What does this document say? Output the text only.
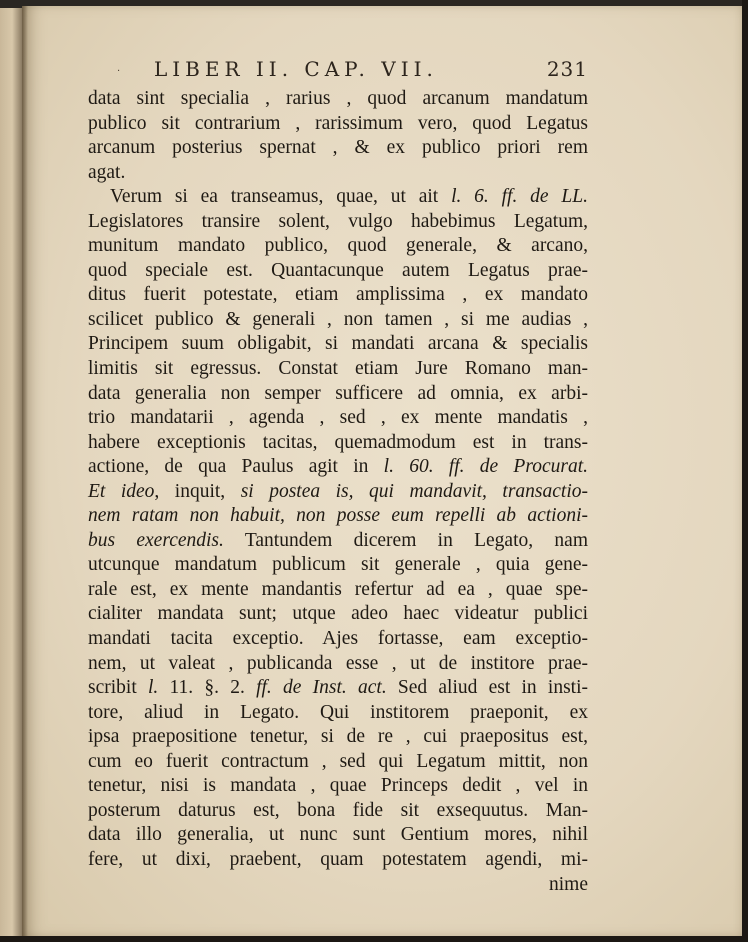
· LIBER II. CAP. VII.	231
data sint specialia , rarius , quod arcanum mandatum
publico sit contrarium , rarissimum vero, quod Legatus
arcanum posterius spernat , & ex publico priori rem
agat.
Verum si ea transeamus, quae, ut ait l. 6. ff. de LL.
Legislatores transire solent, vulgo habebimus Legatum,
munitum mandato publico, quod generale, & arcano,
quod speciale est. Quantacunque autem Legatus prae-
ditus fuerit potestate, etiam amplissima , ex mandato
scilicet publico & generali , non tamen , si me audias ,
Principem suum obligabit, si mandati arcana & specialis
limitis sit egressus. Constat etiam Jure Romano man-
data generalia non semper sufficere ad omnia, ex arbi-
trio mandatarii , agenda , sed , ex mente mandatis ,
habere exceptionis tacitas, quemadmodum est in trans-
actione, de qua Paulus agit in l. 60. ff. de Procurat.
Et ideo, inquit, si postea is, qui mandavit, transactio-
nem ratam non habuit, non posse eum repelli ab actioni-
bus exercendis. Tantundem dicerem in Legato, nam
utcunque mandatum publicum sit generale , quia gene-
rale est, ex mente mandantis refertur ad ea , quae spe-
cialiter mandata sunt; utque adeo haec videatur publici
mandati tacita exceptio. Ajes fortasse, eam exceptio-
nem, ut valeat , publicanda esse , ut de institore prae-
scribit l. 11. §. 2. ff. de Inst. act. Sed aliud est in insti-
tore, aliud in Legato. Qui institorem praeponit, ex
ipsa praepositione tenetur, si de re , cui praepositus est,
cum eo fuerit contractum , sed qui Legatum mittit, non
tenetur, nisi is mandata , quae Princeps dedit , vel in
posterum daturus est, bona fide sit exsequutus. Man-
data illo generalia, ut nunc sunt Gentium mores, nihil
fere, ut dixi, praebent, quam potestatem agendi, mi-
nime
